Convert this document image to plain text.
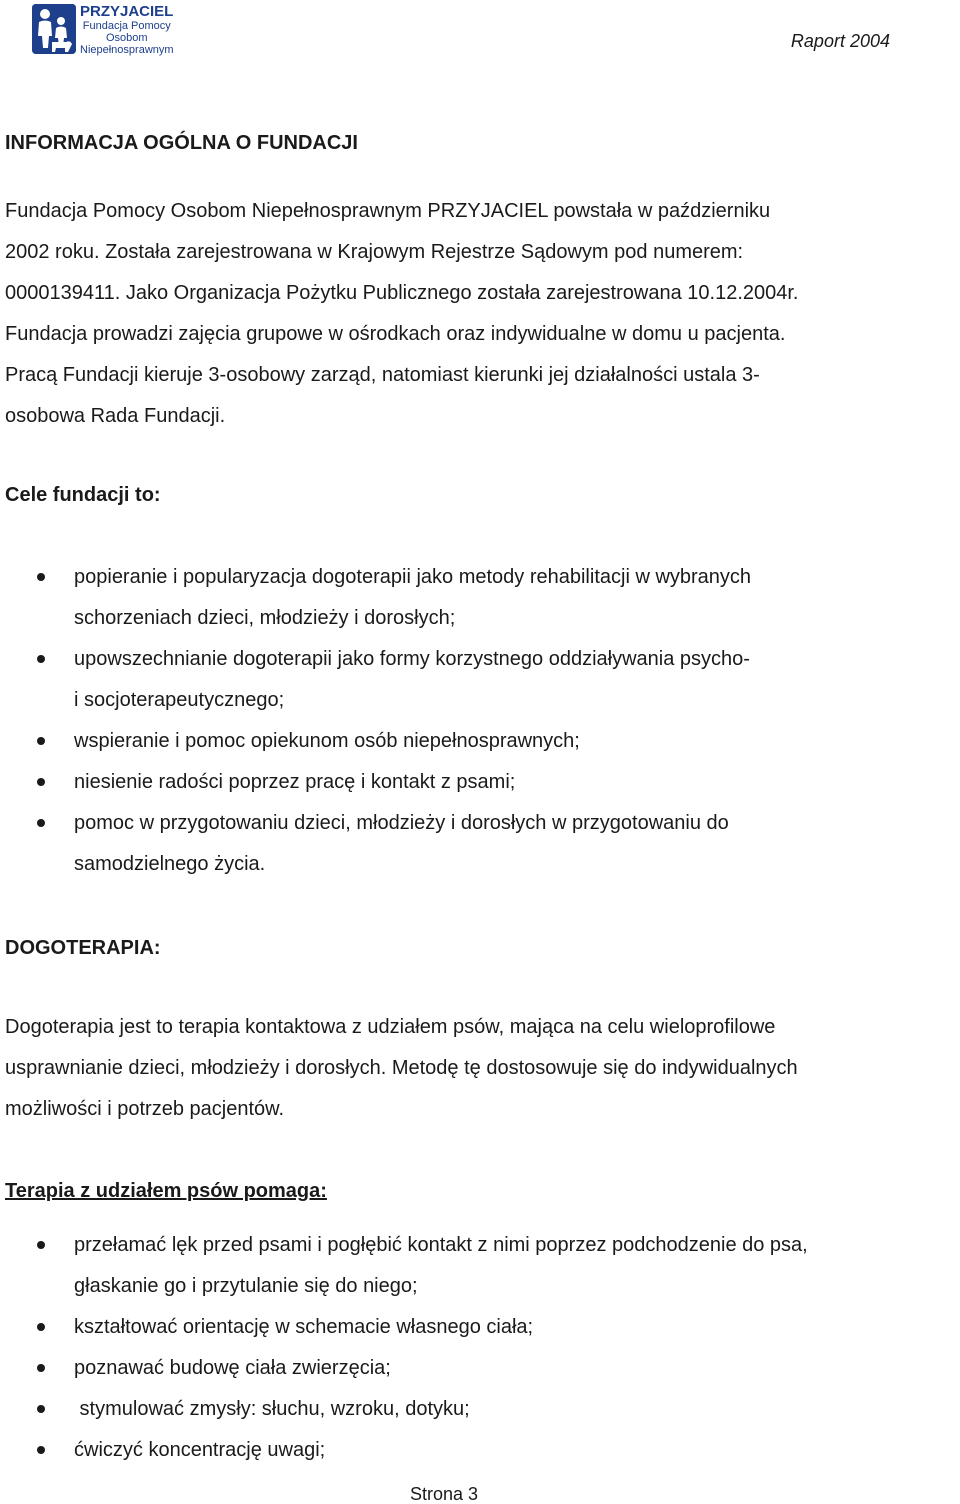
PRZYJACIEL
Fundacja Pomocy
Osobom
Niepełnosprawnym	Raport 2004
INFORMACJA OGÓLNA O FUNDACJI
Fundacja Pomocy Osobom Niepełnosprawnym PRZYJACIEL powstała w październiku
2002 roku. Została zarejestrowana w Krajowym Rejestrze Sądowym pod numerem:
0000139411. Jako Organizacja Pożytku Publicznego została zarejestrowana 10.12.2004r.
Fundacja prowadzi zajęcia grupowe w ośrodkach oraz indywidualne w domu u pacjenta.
Pracą Fundacji kieruje 3-osobowy zarząd, natomiast kierunki jej działalności ustala 3-
osobowa Rada Fundacji.
Cele fundacji to:
popieranie i popularyzacja dogoterapii jako metody rehabilitacji w wybranych
schorzeniach dzieci, młodzieży i dorosłych;
upowszechnianie dogoterapii jako formy korzystnego oddziaływania psycho-
i socjoterapeutycznego;
wspieranie i pomoc opiekunom osób niepełnosprawnych;
niesienie radości poprzez pracę i kontakt z psami;
pomoc w przygotowaniu dzieci, młodzieży i dorosłych w przygotowaniu do
samodzielnego życia.
DOGOTERAPIA:
Dogoterapia jest to terapia kontaktowa z udziałem psów, mająca na celu wieloprofilowe
usprawnianie dzieci, młodzieży i dorosłych. Metodę tę dostosowuje się do indywidualnych
możliwości i potrzeb pacjentów.
Terapia z udziałem psów pomaga:
przełamać lęk przed psami i pogłębić kontakt z nimi poprzez podchodzenie do psa,
głaskanie go i przytulanie się do niego;
kształtować orientację w schemacie własnego ciała;
poznawać budowę ciała zwierzęcia;
stymulować zmysły: słuchu, wzroku, dotyku;
ćwiczyć koncentrację uwagi;
Strona 3
